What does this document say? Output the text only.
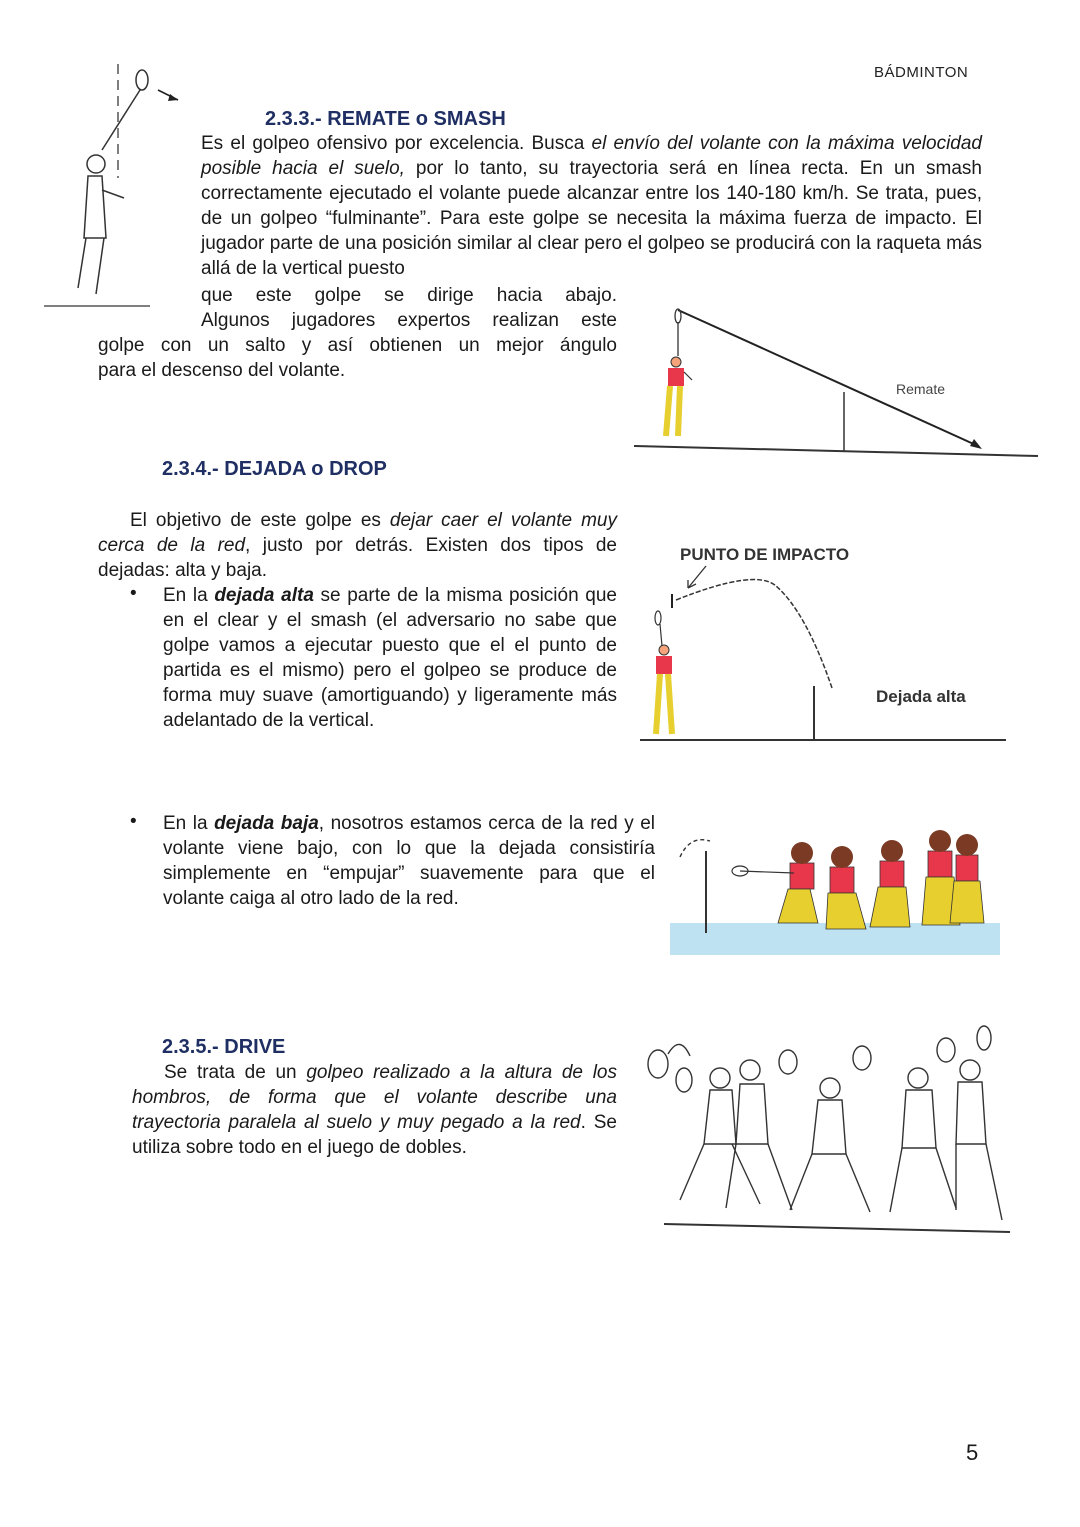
BÁDMINTON
2.3.3.- REMATE o SMASH
Es el golpeo ofensivo por excelencia. Busca el envío del volante con la máxima velocidad posible hacia el suelo, por lo tanto, su trayectoria será en línea recta. En un smash correctamente ejecutado el volante puede alcanzar entre los 140-180 km/h. Se trata, pues, de un golpeo “fulminante”. Para este golpe se necesita la máxima fuerza de impacto. El jugador parte de una posición similar al clear pero el golpeo se producirá con la raqueta más allá de la vertical puesto
que este golpe se dirige hacia abajo.
Algunos jugadores expertos realizan este
golpe con un salto y así obtienen un mejor ángulo
para el descenso del volante.
Remate
2.3.4.- DEJADA o DROP
El objetivo de este golpe es dejar caer el volante muy cerca de la red, justo por detrás. Existen dos tipos de dejadas: alta y baja.
• En la dejada alta se parte de la misma posición que en el clear y el smash (el adversario no sabe que golpe vamos a ejecutar puesto que el el punto de partida es el mismo) pero el golpeo se produce de forma muy suave (amortiguando) y ligeramente más adelantado de la vertical.
PUNTO DE IMPACTO
Dejada alta
• En la dejada baja, nosotros estamos cerca de la red y el volante viene bajo, con lo que la dejada consistiría simplemente en “empujar” suavemente para que el volante caiga al otro lado de la red.
2.3.5.- DRIVE
Se trata de un golpeo realizado a la altura de los hombros, de forma que el volante describe una trayectoria paralela al suelo y muy pegado a la red. Se utiliza sobre todo en el juego de dobles.
5
